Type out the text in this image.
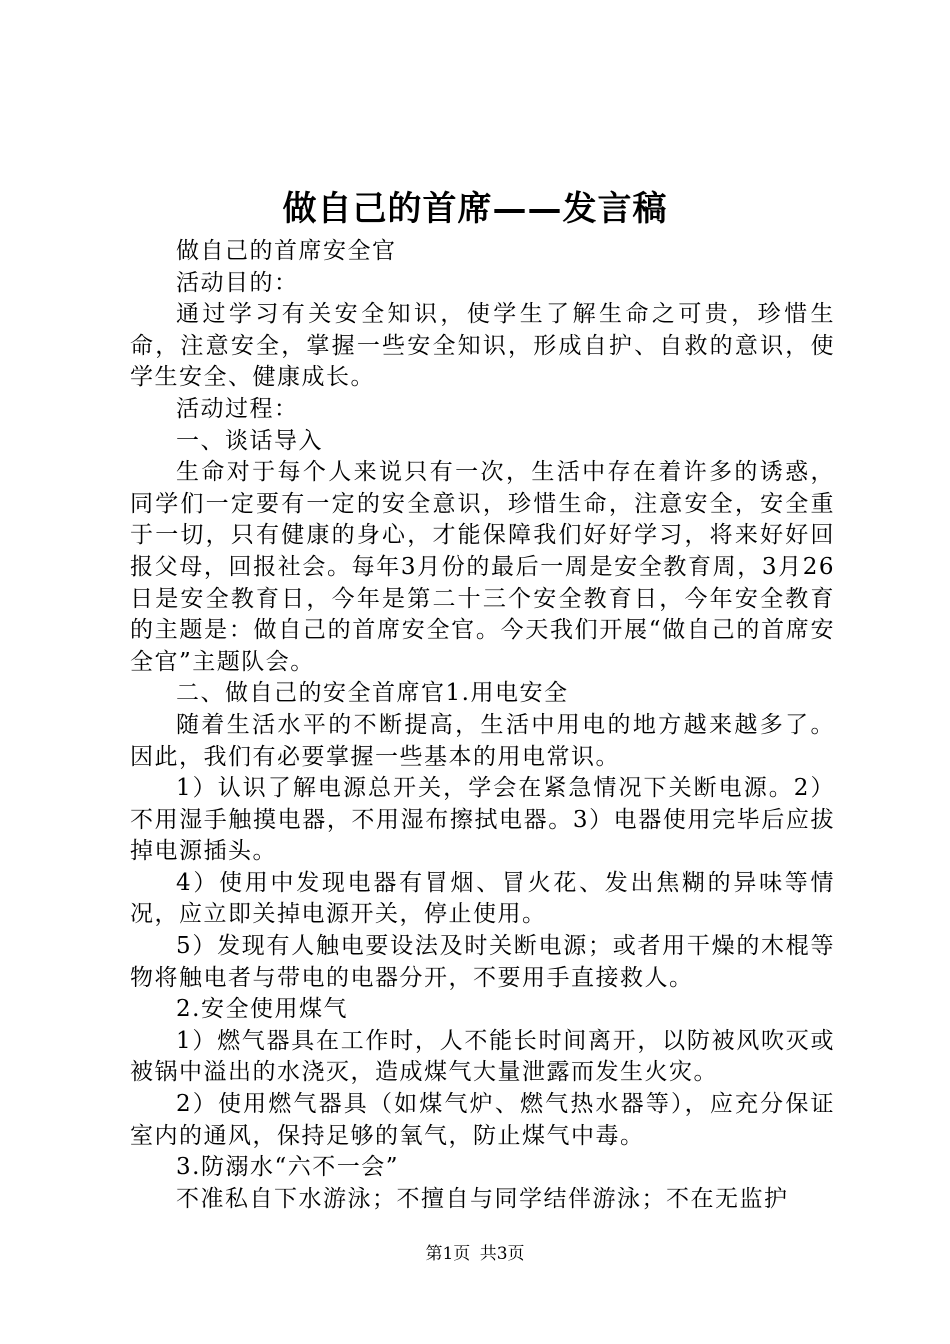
做自己的首席——发言稿

做自己的首席安全官

活动目的：

通过学习有关安全知识，使学生了解生命之可贵，珍惜生命，注意安全，掌握一些安全知识，形成自护、自救的意识，使学生安全、健康成长。

活动过程：

一、谈话导入

生命对于每个人来说只有一次，生活中存在着许多的诱惑，同学们一定要有一定的安全意识，珍惜生命，注意安全，安全重于一切，只有健康的身心，才能保障我们好好学习，将来好好回报父母，回报社会。每年3月份的最后一周是安全教育周，3月26日是安全教育日，今年是第二十三个安全教育日，今年安全教育的主题是：做自己的首席安全官。今天我们开展“做自己的首席安全官”主题队会。

二、做自己的安全首席官1.用电安全

随着生活水平的不断提高，生活中用电的地方越来越多了。因此，我们有必要掌握一些基本的用电常识。

1）认识了解电源总开关，学会在紧急情况下关断电源。2）不用湿手触摸电器，不用湿布擦拭电器。3）电器使用完毕后应拔掉电源插头。

4）使用中发现电器有冒烟、冒火花、发出焦糊的异味等情况，应立即关掉电源开关，停止使用。

5）发现有人触电要设法及时关断电源；或者用干燥的木棍等物将触电者与带电的电器分开，不要用手直接救人。

2.安全使用煤气

1）燃气器具在工作时，人不能长时间离开，以防被风吹灭或被锅中溢出的水浇灭，造成煤气大量泄露而发生火灾。

2）使用燃气器具（如煤气炉、燃气热水器等），应充分保证室内的通风，保持足够的氧气，防止煤气中毒。

3.防溺水“六不一会”

不准私自下水游泳；不擅自与同学结伴游泳；不在无监护

第1页 共3页
